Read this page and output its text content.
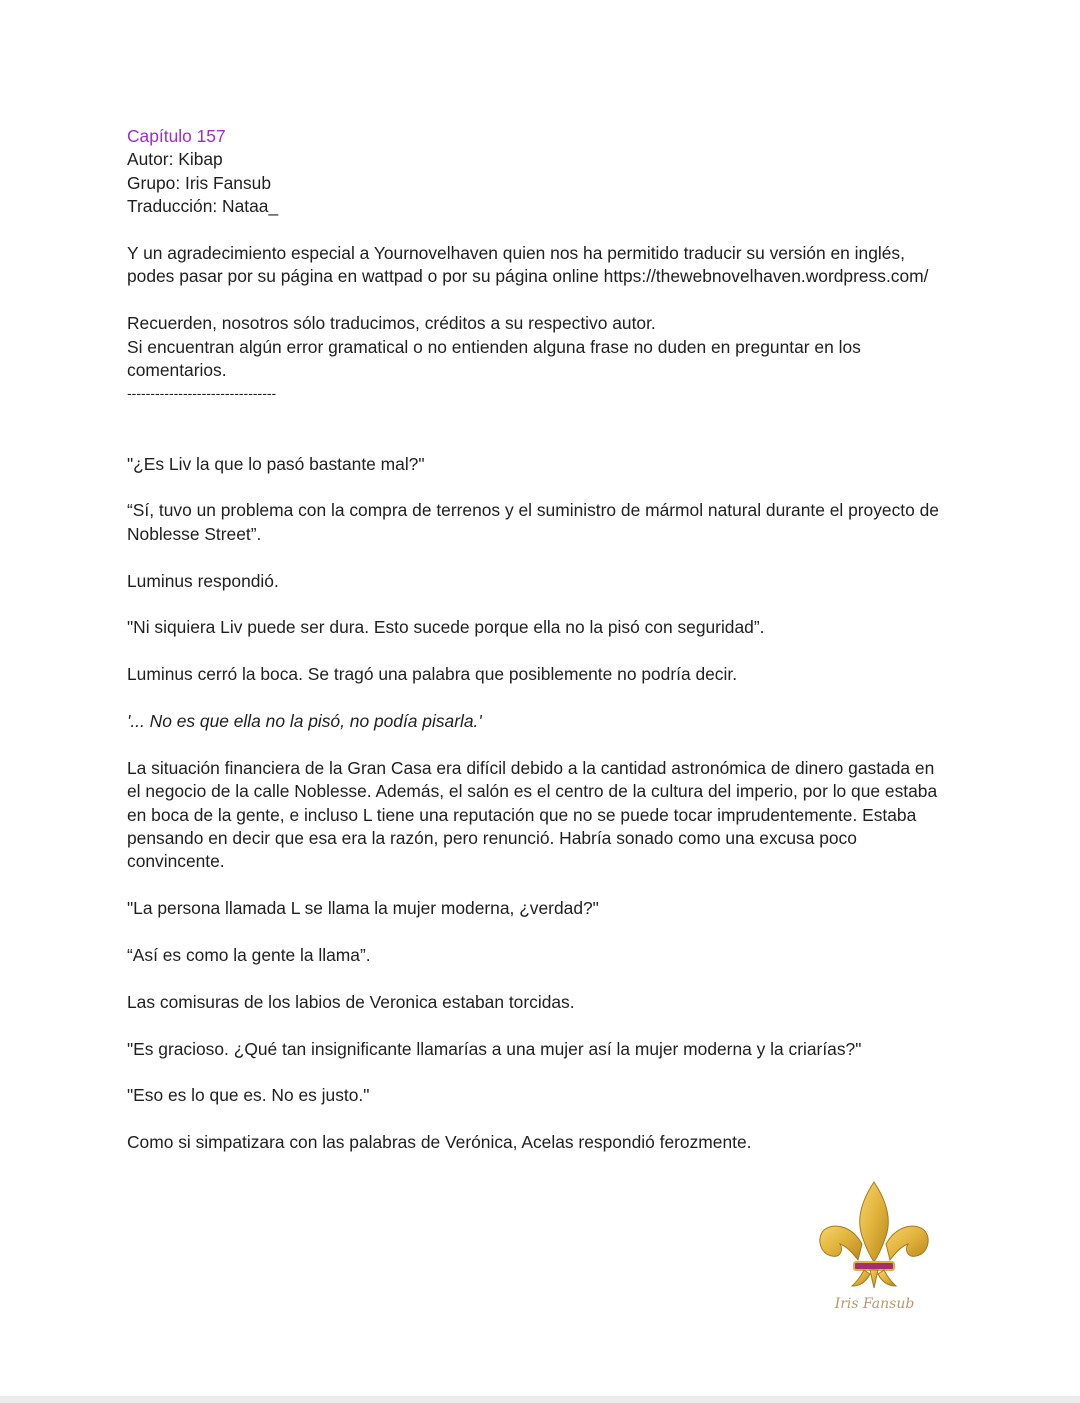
Capítulo 157
Autor: Kibap
Grupo: Iris Fansub
Traducción: Nataa_
Y un agradecimiento especial a Yournovelhaven quien nos ha permitido traducir su versión en inglés,
podes pasar por su página en wattpad o por su página online https://thewebnovelhaven.wordpress.com/
Recuerden, nosotros sólo traducimos, créditos a su respectivo autor.
Si encuentran algún error gramatical o no entienden alguna frase no duden en preguntar en los
comentarios.
--------------------------------
"¿Es Liv la que lo pasó bastante mal?"
“Sí, tuvo un problema con la compra de terrenos y el suministro de mármol natural durante el proyecto de
Noblesse Street”.
Luminus respondió.
"Ni siquiera Liv puede ser dura. Esto sucede porque ella no la pisó con seguridad”.
Luminus cerró la boca. Se tragó una palabra que posiblemente no podría decir.
'... No es que ella no la pisó, no podía pisarla.'
La situación financiera de la Gran Casa era difícil debido a la cantidad astronómica de dinero gastada en
el negocio de la calle Noblesse. Además, el salón es el centro de la cultura del imperio, por lo que estaba
en boca de la gente, e incluso L tiene una reputación que no se puede tocar imprudentemente. Estaba
pensando en decir que esa era la razón, pero renunció. Habría sonado como una excusa poco
convincente.
"La persona llamada L se llama la mujer moderna, ¿verdad?"
“Así es como la gente la llama”.
Las comisuras de los labios de Veronica estaban torcidas.
"Es gracioso. ¿Qué tan insignificante llamarías a una mujer así la mujer moderna y la criarías?"
"Eso es lo que es. No es justo."
Como si simpatizara con las palabras de Verónica, Acelas respondió ferozmente.
Iris Fansub
